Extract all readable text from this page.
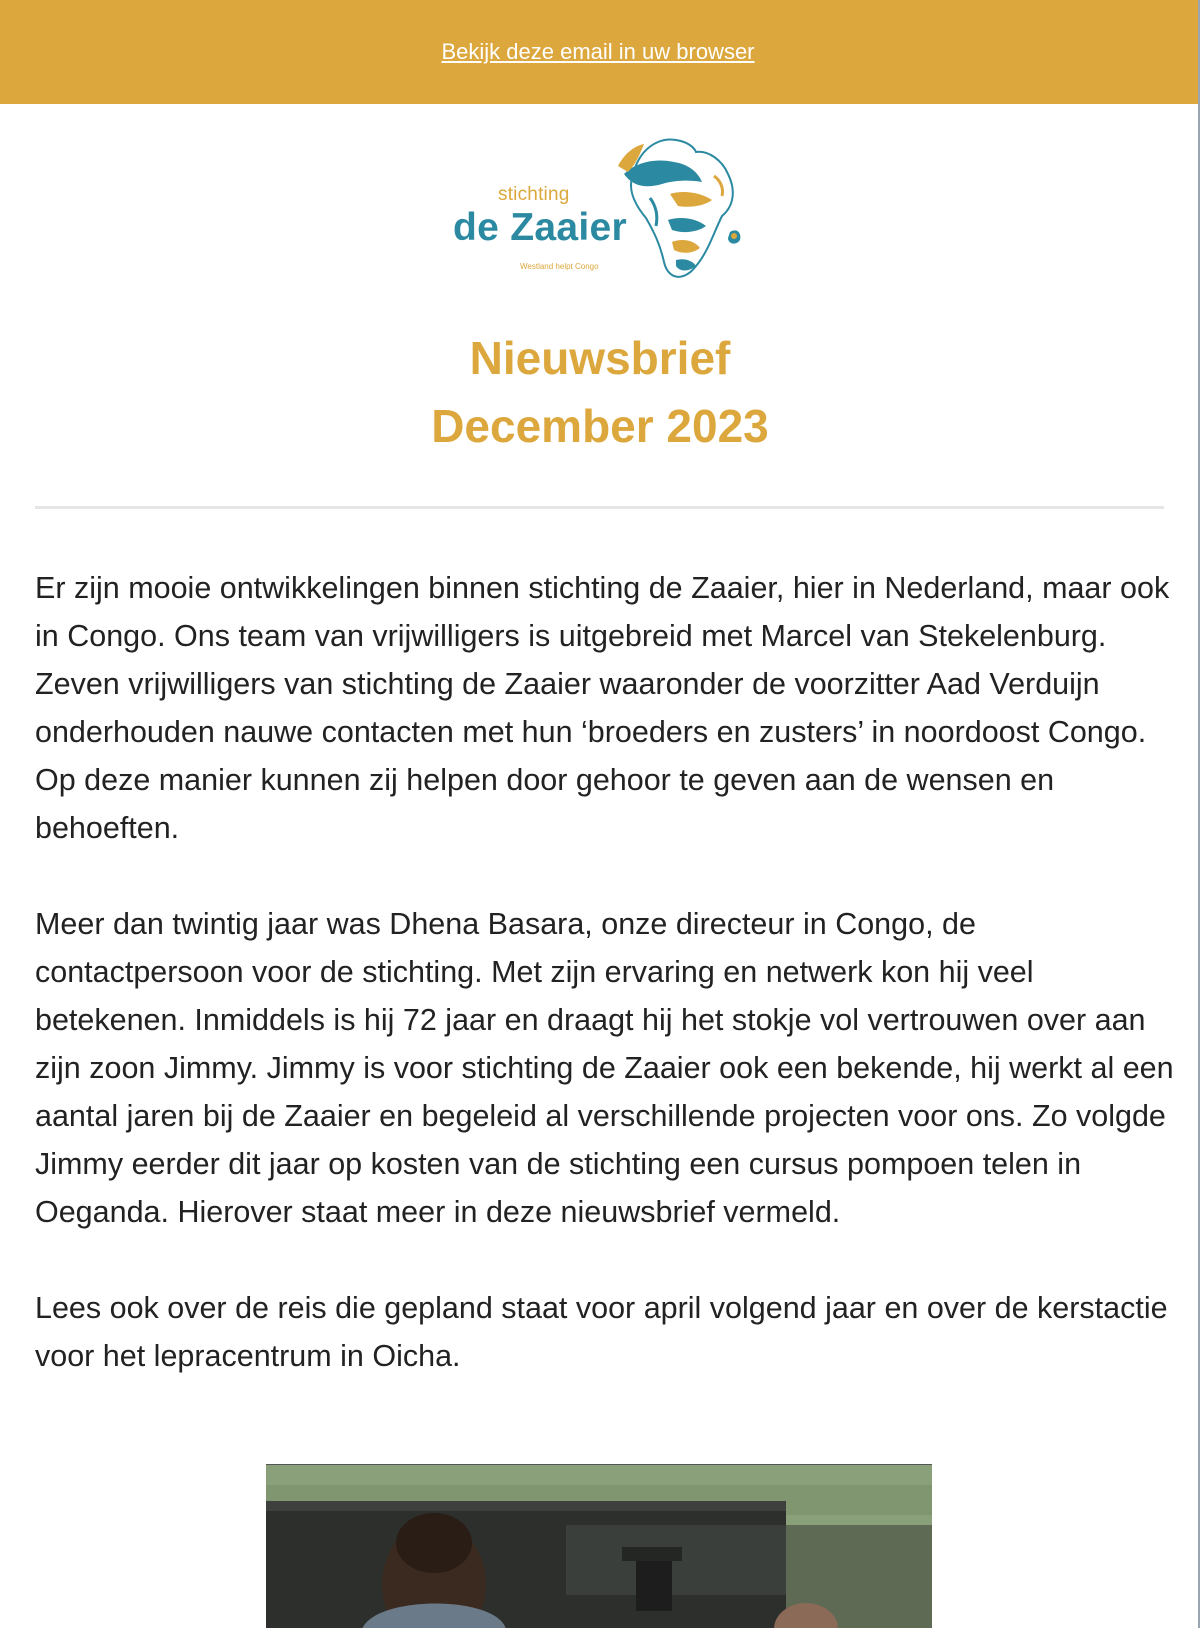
Bekijk deze email in uw browser
stichting
de Zaaier
Westland helpt Congo
Nieuwsbrief
December 2023

Er zijn mooie ontwikkelingen binnen stichting de Zaaier, hier in Nederland, maar ook in Congo. Ons team van vrijwilligers is uitgebreid met Marcel van Stekelenburg. Zeven vrijwilligers van stichting de Zaaier waaronder de voorzitter Aad Verduijn onderhouden nauwe contacten met hun ‘broeders en zusters’ in noordoost Congo. Op deze manier kunnen zij helpen door gehoor te geven aan de wensen en behoeften.

Meer dan twintig jaar was Dhena Basara, onze directeur in Congo, de contactpersoon voor de stichting. Met zijn ervaring en netwerk kon hij veel betekenen. Inmiddels is hij 72 jaar en draagt hij het stokje vol vertrouwen over aan zijn zoon Jimmy. Jimmy is voor stichting de Zaaier ook een bekende, hij werkt al een aantal jaren bij de Zaaier en begeleid al verschillende projecten voor ons. Zo volgde Jimmy eerder dit jaar op kosten van de stichting een cursus pompoen telen in Oeganda. Hierover staat meer in deze nieuwsbrief vermeld.

Lees ook over de reis die gepland staat voor april volgend jaar en over de kerstactie voor het lepracentrum in Oicha.
